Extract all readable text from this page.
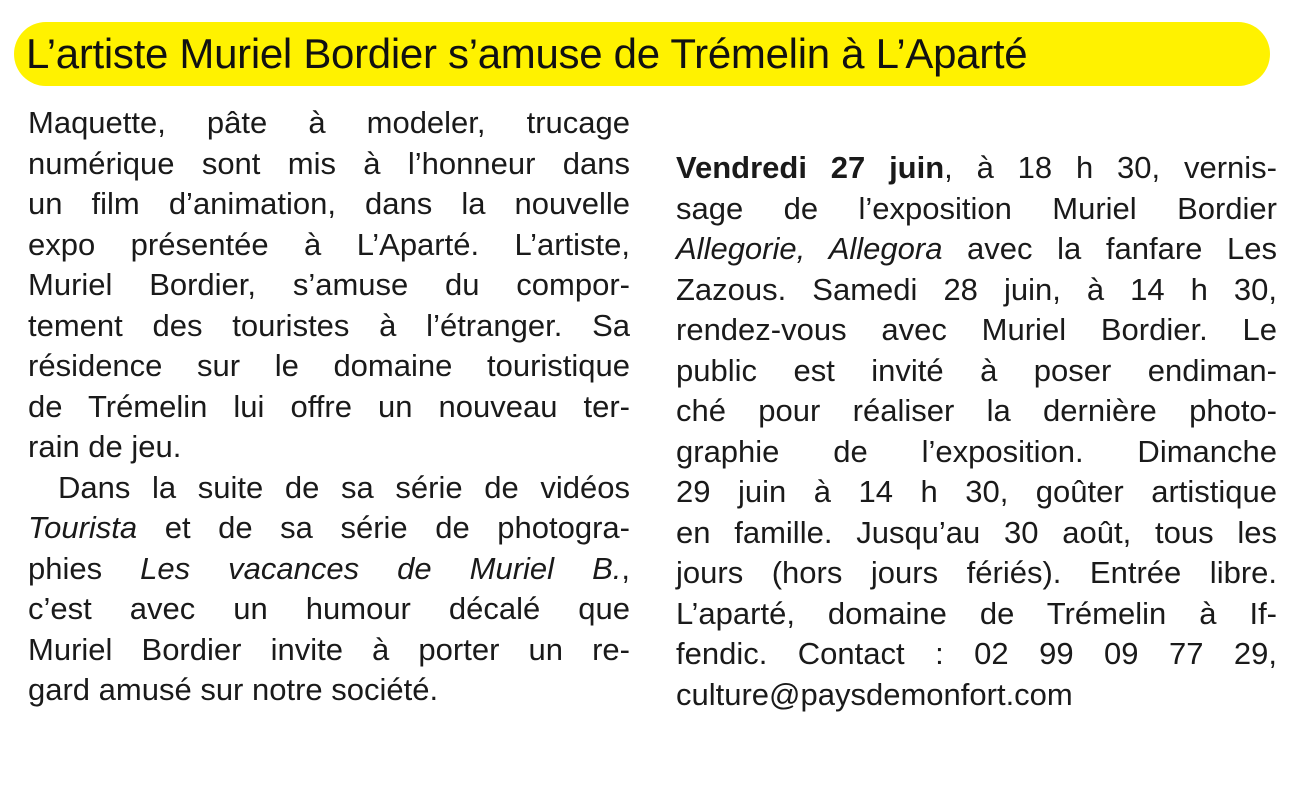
L’artiste Muriel Bordier s’amuse de Trémelin à L’Aparté

Maquette, pâte à modeler, trucage
numérique sont mis à l’honneur dans
un film d’animation, dans la nouvelle
expo présentée à L’Aparté. L’artiste,
Muriel Bordier, s’amuse du compor-
tement des touristes à l’étranger. Sa
résidence sur le domaine touristique
de Trémelin lui offre un nouveau ter-
rain de jeu.

Dans la suite de sa série de vidéos
Tourista et de sa série de photogra-
phies Les vacances de Muriel B.,
c’est avec un humour décalé que
Muriel Bordier invite à porter un re-
gard amusé sur notre société.

Vendredi 27 juin, à 18 h 30, vernis-
sage de l’exposition Muriel Bordier
Allegorie, Allegora avec la fanfare Les
Zazous. Samedi 28 juin, à 14 h 30,
rendez-vous avec Muriel Bordier. Le
public est invité à poser endiman-
ché pour réaliser la dernière photo-
graphie de l’exposition. Dimanche
29 juin à 14 h 30, goûter artistique
en famille. Jusqu’au 30 août, tous les
jours (hors jours fériés). Entrée libre.
L’aparté, domaine de Trémelin à If-
fendic. Contact : 02 99 09 77 29,
culture@paysdemonfort.com
